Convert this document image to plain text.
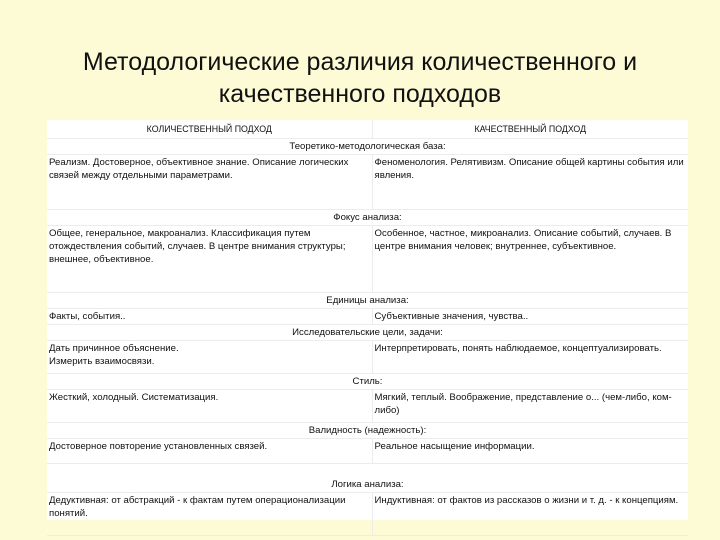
Методологические различия количественного и
качественного подходов
КОЛИЧЕСТВЕННЫЙ ПОДХОД	КАЧЕСТВЕННЫЙ ПОДХОД
Теоретико-методологическая база:	
Реализм. Достоверное, объективное знание. Описание логических связей между отдельными параметрами.	Феноменология. Релятивизм. Описание общей картины события или явления.
Фокус анализа:	
Общее, генеральное, макроанализ. Классификация путем отождествления событий, случаев. В центре внимания структуры; внешнее, объективное.	Особенное, частное, микроанализ. Описание событий, случаев. В центре внимания человек; внутреннее, субъективное.
Единицы анализа:	
Факты, события..	Субъективные значения, чувства..
Исследовательские цели, задачи:	
Дать причинное объяснение.
Измерить взаимосвязи.	Интерпретировать, понять наблюдаемое, концептуализировать.
Стиль:	
Жесткий, холодный. Систематизация.	Мягкий, теплый. Воображение, представление о... (чем-либо, ком-либо)
Валидность (надежность):	
Достоверное повторение установленных связей.	Реальное насыщение информации.
Логика анализа:	
Дедуктивная: от абстракций - к фактам путем операционализации понятий.	Индуктивная: от фактов из рассказов о жизни и т. д. - к концепциям.
